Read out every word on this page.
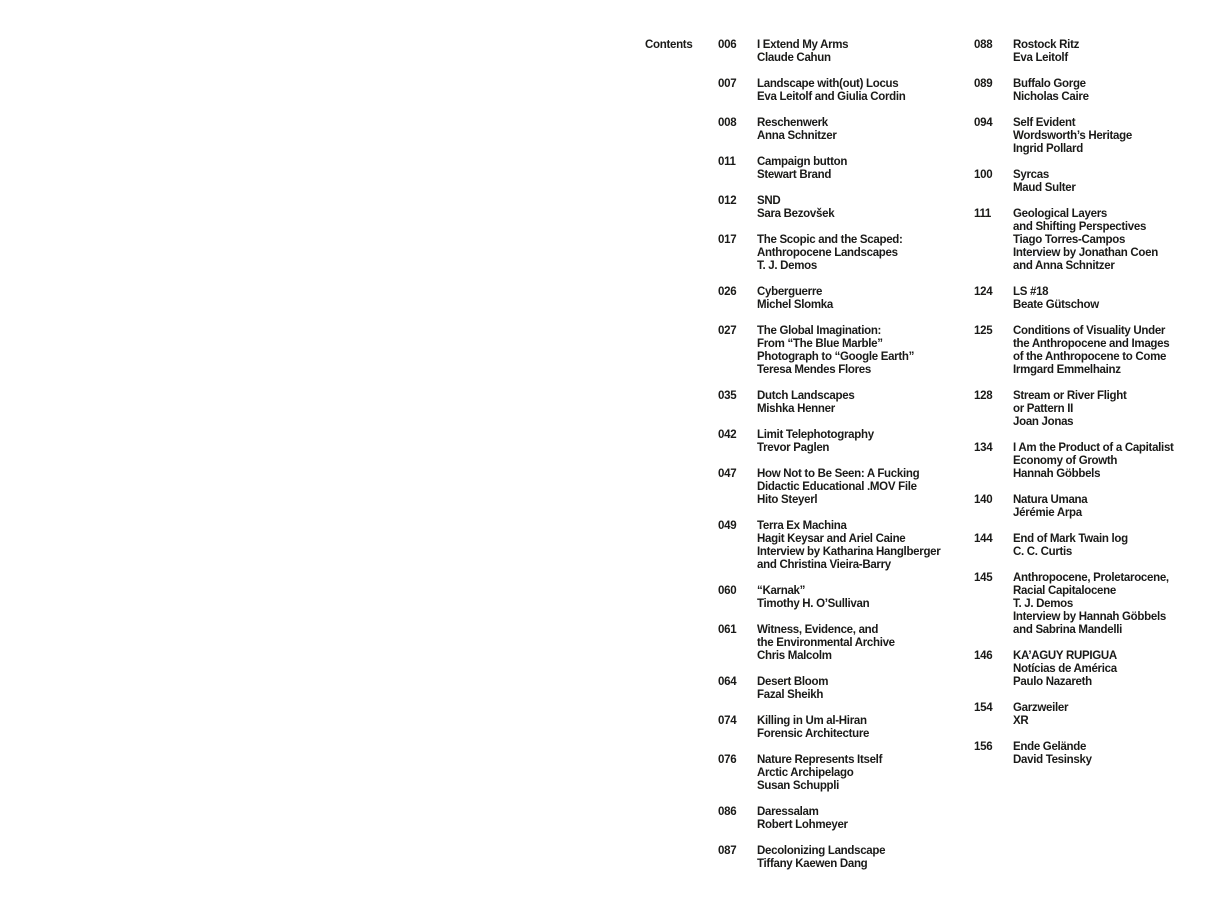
Contents 006	I Extend My Arms
Claude Cahun
007	Landscape with(out) Locus
Eva Leitolf and Giulia Cordin
008	Reschenwerk
Anna Schnitzer
011	Campaign button
Stewart Brand
012	SND
Sara Bezovšek
017	The Scopic and the Scaped:
Anthropocene Landscapes
T. J. Demos
026	Cyberguerre
Michel Slomka
027	The Global Imagination:
From “The Blue Marble”
Photograph to “Google Earth”
Teresa Mendes Flores
035	Dutch Landscapes
Mishka Henner
042	Limit Telephotography
Trevor Paglen
047	How Not to Be Seen: A Fucking
Didactic Educational .MOV File
Hito Steyerl
049	Terra Ex Machina
Hagit Keysar and Ariel Caine
Interview by Katharina Hanglberger
and Christina Vieira-Barry
060	“Karnak”
Timothy H. O’Sullivan
061	Witness, Evidence, and
the Environmental Archive
Chris Malcolm
064	Desert Bloom
Fazal Sheikh
074	Killing in Um al-Hiran
Forensic Architecture
076	Nature Represents Itself
Arctic Archipelago
Susan Schuppli
086	Daressalam
Robert Lohmeyer
087	Decolonizing Landscape
Tiffany Kaewen Dang
088	Rostock Ritz
Eva Leitolf
089	Buffalo Gorge
Nicholas Caire
094	Self Evident
Wordsworth’s Heritage
Ingrid Pollard
100	Syrcas
Maud Sulter
111	Geological Layers
and Shifting Perspectives
Tiago Torres-Campos
Interview by Jonathan Coen
and Anna Schnitzer
124	LS #18
Beate Gütschow
125	Conditions of Visuality Under
the Anthropocene and Images
of the Anthropocene to Come
Irmgard Emmelhainz
128	Stream or River Flight
or Pattern II
Joan Jonas
134	I Am the Product of a Capitalist
Economy of Growth
Hannah Göbbels
140	Natura Umana
Jérémie Arpa
144	End of Mark Twain log
C. C. Curtis
145	Anthropocene, Proletarocene,
Racial Capitalocene
T. J. Demos
Interview by Hannah Göbbels
and Sabrina Mandelli
146	KA’AGUY RUPIGUA
Notícias de América
Paulo Nazareth
154	Garzweiler
XR
156	Ende Gelände
David Tesinsky
